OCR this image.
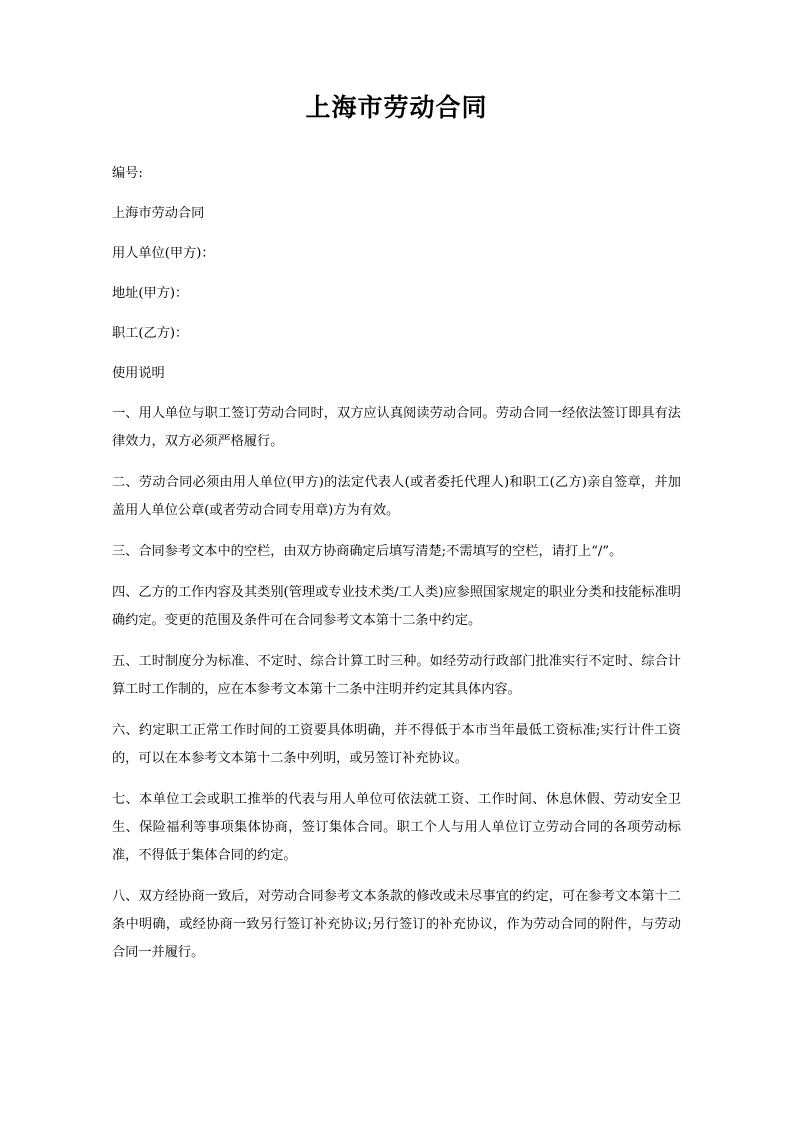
上海市劳动合同

编号:

上海市劳动合同

用人单位(甲方)：

地址(甲方)：

职工(乙方)：

使用说明

一、用人单位与职工签订劳动合同时，双方应认真阅读劳动合同。劳动合同一经依法签订即具有法律效力，双方必须严格履行。

二、劳动合同必须由用人单位(甲方)的法定代表人(或者委托代理人)和职工(乙方)亲自签章，并加盖用人单位公章(或者劳动合同专用章)方为有效。

三、合同参考文本中的空栏，由双方协商确定后填写清楚;不需填写的空栏，请打上“/”。

四、乙方的工作内容及其类别(管理或专业技术类/工人类)应参照国家规定的职业分类和技能标准明确约定。变更的范围及条件可在合同参考文本第十二条中约定。

五、工时制度分为标准、不定时、综合计算工时三种。如经劳动行政部门批准实行不定时、综合计算工时工作制的，应在本参考文本第十二条中注明并约定其具体内容。

六、约定职工正常工作时间的工资要具体明确，并不得低于本市当年最低工资标准;实行计件工资的，可以在本参考文本第十二条中列明，或另签订补充协议。

七、本单位工会或职工推举的代表与用人单位可依法就工资、工作时间、休息休假、劳动安全卫生、保险福利等事项集体协商，签订集体合同。职工个人与用人单位订立劳动合同的各项劳动标准，不得低于集体合同的约定。

八、双方经协商一致后，对劳动合同参考文本条款的修改或未尽事宜的约定，可在参考文本第十二条中明确，或经协商一致另行签订补充协议;另行签订的补充协议，作为劳动合同的附件，与劳动合同一并履行。
